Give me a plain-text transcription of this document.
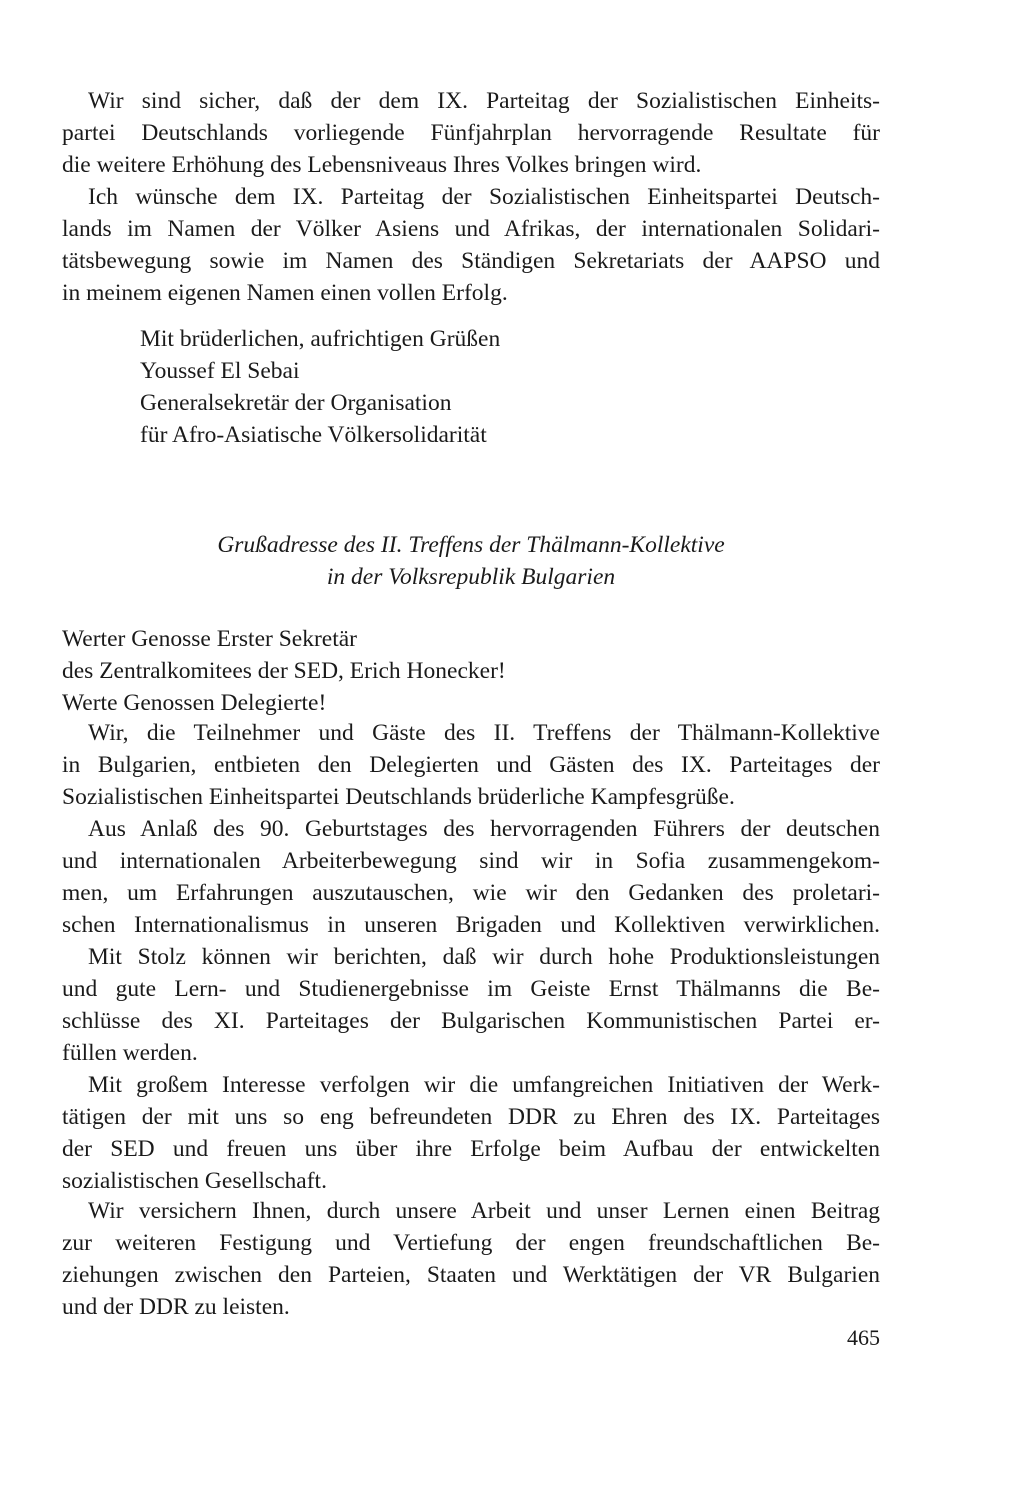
Wir sind sicher, daß der dem IX. Parteitag der Sozialistischen Einheits-
partei Deutschlands vorliegende Fünfjahrplan hervorragende Resultate für
die weitere Erhöhung des Lebensniveaus Ihres Volkes bringen wird.
Ich wünsche dem IX. Parteitag der Sozialistischen Einheitspartei Deutsch-
lands im Namen der Völker Asiens und Afrikas, der internationalen Solidari-
tätsbewegung sowie im Namen des Ständigen Sekretariats der AAPSO und
in meinem eigenen Namen einen vollen Erfolg.
Mit brüderlichen, aufrichtigen Grüßen
Youssef El Sebai
Generalsekretär der Organisation
für Afro-Asiatische Völkersolidarität
Grußadresse des II. Treffens der Thälmann-Kollektive
in der Volksrepublik Bulgarien
Werter Genosse Erster Sekretär
des Zentralkomitees der SED, Erich Honecker!
Werte Genossen Delegierte!
Wir, die Teilnehmer und Gäste des II. Treffens der Thälmann-Kollektive
in Bulgarien, entbieten den Delegierten und Gästen des IX. Parteitages der
Sozialistischen Einheitspartei Deutschlands brüderliche Kampfesgrüße.
Aus Anlaß des 90. Geburtstages des hervorragenden Führers der deutschen
und internationalen Arbeiterbewegung sind wir in Sofia zusammengekom-
men, um Erfahrungen auszutauschen, wie wir den Gedanken des proletari-
schen Internationalismus in unseren Brigaden und Kollektiven verwirklichen.
Mit Stolz können wir berichten, daß wir durch hohe Produktionsleistungen
und gute Lern- und Studienergebnisse im Geiste Ernst Thälmanns die Be-
schlüsse des XI. Parteitages der Bulgarischen Kommunistischen Partei er-
füllen werden.
Mit großem Interesse verfolgen wir die umfangreichen Initiativen der Werk-
tätigen der mit uns so eng befreundeten DDR zu Ehren des IX. Parteitages
der SED und freuen uns über ihre Erfolge beim Aufbau der entwickelten
sozialistischen Gesellschaft.
Wir versichern Ihnen, durch unsere Arbeit und unser Lernen einen Beitrag
zur weiteren Festigung und Vertiefung der engen freundschaftlichen Be-
ziehungen zwischen den Parteien, Staaten und Werktätigen der VR Bulgarien
und der DDR zu leisten.
465
